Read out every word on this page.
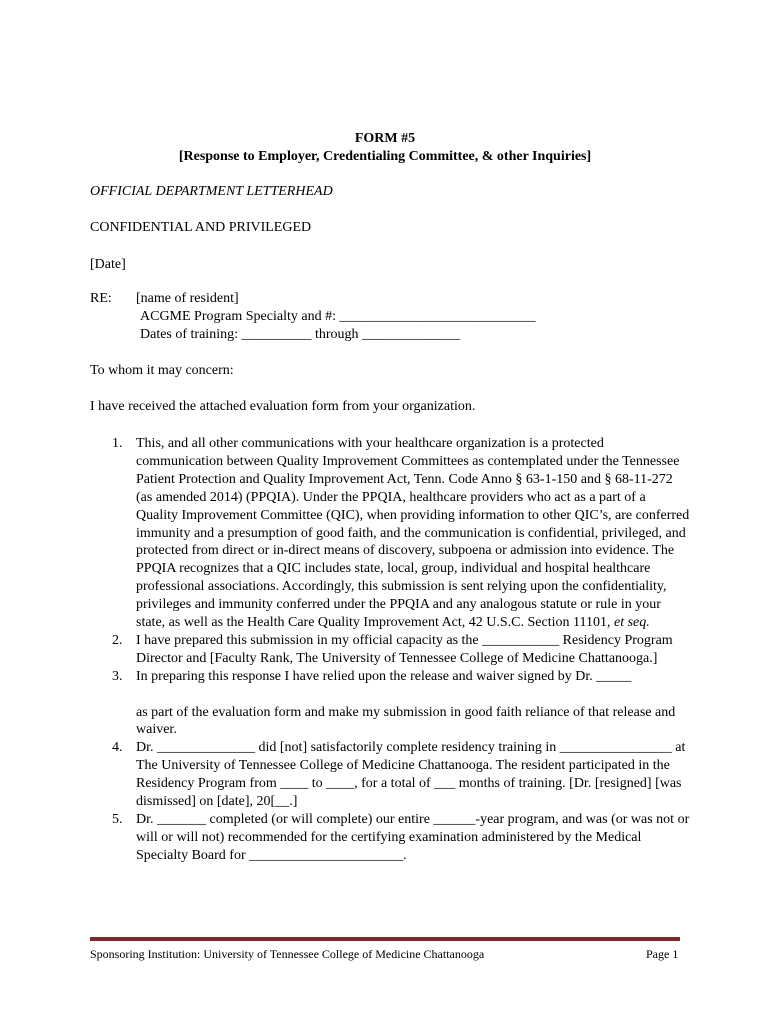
FORM #5
[Response to Employer, Credentialing Committee, & other Inquiries]
OFFICIAL DEPARTMENT LETTERHEAD
CONFIDENTIAL AND PRIVILEGED
[Date]
RE: [name of resident]
ACGME Program Specialty and #: ____________________________
Dates of training: __________ through ______________
To whom it may concern:
I have received the attached evaluation form from your organization.
1. This, and all other communications with your healthcare organization is a protected communication between Quality Improvement Committees as contemplated under the Tennessee Patient Protection and Quality Improvement Act, Tenn. Code Anno § 63-1-150 and § 68-11-272 (as amended 2014) (PPQIA). Under the PPQIA, healthcare providers who act as a part of a Quality Improvement Committee (QIC), when providing information to other QIC’s, are conferred immunity and a presumption of good faith, and the communication is confidential, privileged, and protected from direct or in-direct means of discovery, subpoena or admission into evidence. The PPQIA recognizes that a QIC includes state, local, group, individual and hospital healthcare professional associations. Accordingly, this submission is sent relying upon the confidentiality, privileges and immunity conferred under the PPQIA and any analogous statute or rule in your state, as well as the Health Care Quality Improvement Act, 42 U.S.C. Section 11101, et seq.
2. I have prepared this submission in my official capacity as the ___________ Residency Program Director and [Faculty Rank, The University of Tennessee College of Medicine Chattanooga.]
3. In preparing this response I have relied upon the release and waiver signed by Dr. _____
as part of the evaluation form and make my submission in good faith reliance of that release and waiver.
4. Dr. ______________ did [not] satisfactorily complete residency training in ________________ at The University of Tennessee College of Medicine Chattanooga. The resident participated in the Residency Program from ____ to ____, for a total of ___ months of training. [Dr. [resigned] [was dismissed] on [date], 20[__.]
5. Dr. _______ completed (or will complete) our entire ______-year program, and was (or was not or will or will not) recommended for the certifying examination administered by the Medical Specialty Board for ______________________.
Sponsoring Institution: University of Tennessee College of Medicine Chattanooga	Page 1
